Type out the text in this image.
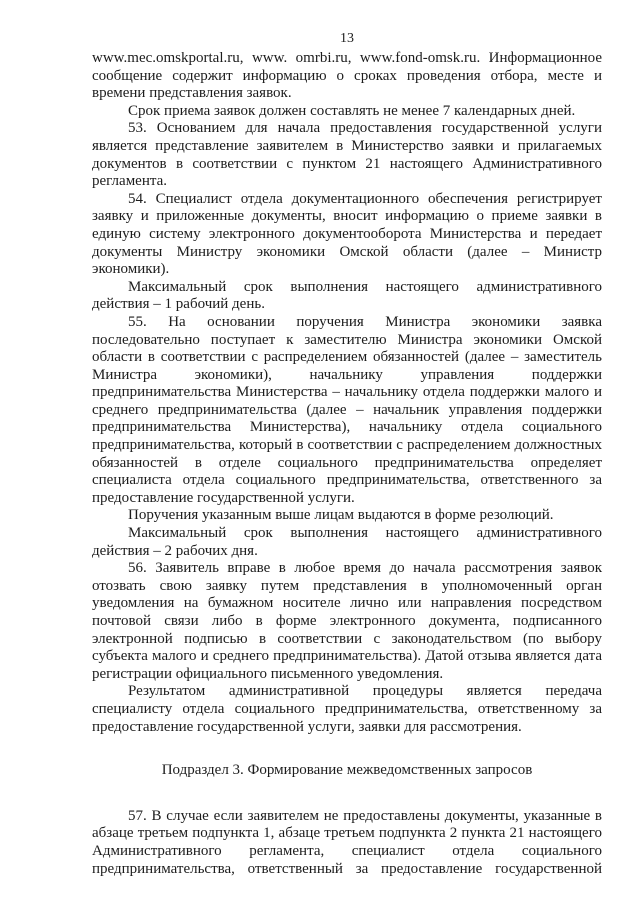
13

www.mec.omskportal.ru, www. omrbi.ru, www.fond-omsk.ru. Информационное сообщение содержит информацию о сроках проведения отбора, месте и времени представления заявок.

Срок приема заявок должен составлять не менее 7 календарных дней.

53. Основанием для начала предоставления государственной услуги является представление заявителем в Министерство заявки и прилагаемых документов в соответствии с пунктом 21 настоящего Административного регламента.

54. Специалист отдела документационного обеспечения регистрирует заявку и приложенные документы, вносит информацию о приеме заявки в единую систему электронного документооборота Министерства и передает документы Министру экономики Омской области (далее – Министр экономики).

Максимальный срок выполнения настоящего административного действия – 1 рабочий день.

55. На основании поручения Министра экономики заявка последовательно поступает к заместителю Министра экономики Омской области в соответствии с распределением обязанностей (далее – заместитель Министра экономики), начальнику управления поддержки предпринимательства Министерства – начальнику отдела поддержки малого и среднего предпринимательства (далее – начальник управления поддержки предпринимательства Министерства), начальнику отдела социального предпринимательства, который в соответствии с распределением должностных обязанностей в отделе социального предпринимательства определяет специалиста отдела социального предпринимательства, ответственного за предоставление государственной услуги.

Поручения указанным выше лицам выдаются в форме резолюций.

Максимальный срок выполнения настоящего административного действия – 2 рабочих дня.

56. Заявитель вправе в любое время до начала рассмотрения заявок отозвать свою заявку путем представления в уполномоченный орган уведомления на бумажном носителе лично или направления посредством почтовой связи либо в форме электронного документа, подписанного электронной подписью в соответствии с законодательством (по выбору субъекта малого и среднего предпринимательства). Датой отзыва является дата регистрации официального письменного уведомления.

Результатом административной процедуры является передача специалисту отдела социального предпринимательства, ответственному за предоставление государственной услуги, заявки для рассмотрения.

Подраздел 3. Формирование межведомственных запросов

57. В случае если заявителем не предоставлены документы, указанные в абзаце третьем подпункта 1, абзаце третьем подпункта 2 пункта 21 настоящего Административного регламента, специалист отдела социального предпринимательства, ответственный за предоставление государственной
